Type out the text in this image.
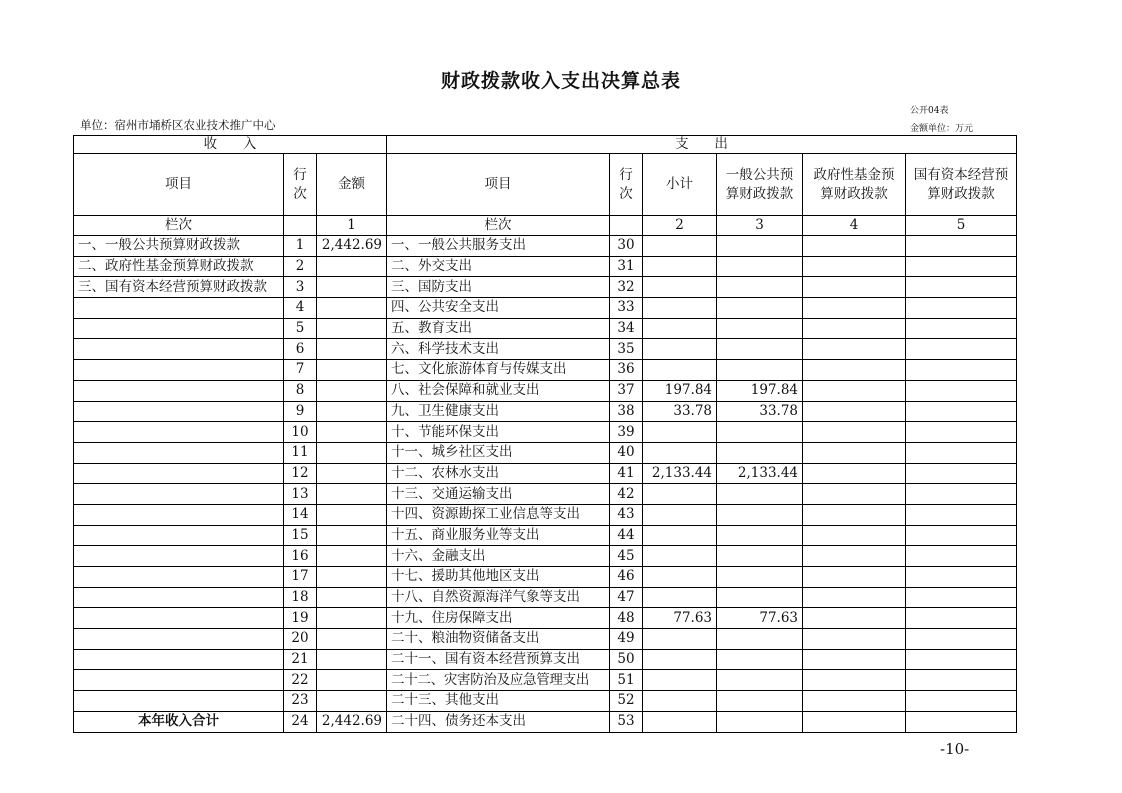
财政拨款收入支出决算总表
公开04表
单位：宿州市埇桥区农业技术推广中心	金额单位：万元
收      入			支      出					
项目	行次	金额	项目	行次	小计	一般公共预算财政拨款	政府性基金预算财政拨款	国有资本经营预算财政拨款
栏次		1	栏次		2	3	4	5
一、一般公共预算财政拨款	1	2,442.69	一、一般公共服务支出	30				
二、政府性基金预算财政拨款	2		二、外交支出	31				
三、国有资本经营预算财政拨款	3		三、国防支出	32				
	4		四、公共安全支出	33				
	5		五、教育支出	34				
	6		六、科学技术支出	35				
	7		七、文化旅游体育与传媒支出	36				
	8		八、社会保障和就业支出	37	197.84	197.84		
	9		九、卫生健康支出	38	33.78	33.78		
	10		十、节能环保支出	39				
	11		十一、城乡社区支出	40				
	12		十二、农林水支出	41	2,133.44	2,133.44		
	13		十三、交通运输支出	42				
	14		十四、资源勘探工业信息等支出	43				
	15		十五、商业服务业等支出	44				
	16		十六、金融支出	45				
	17		十七、援助其他地区支出	46				
	18		十八、自然资源海洋气象等支出	47				
	19		十九、住房保障支出	48	77.63	77.63		
	20		二十、粮油物资储备支出	49				
	21		二十一、国有资本经营预算支出	50				
	22		二十二、灾害防治及应急管理支出	51				
	23		二十三、其他支出	52				
本年收入合计	24	2,442.69	二十四、债务还本支出	53				
-10-
